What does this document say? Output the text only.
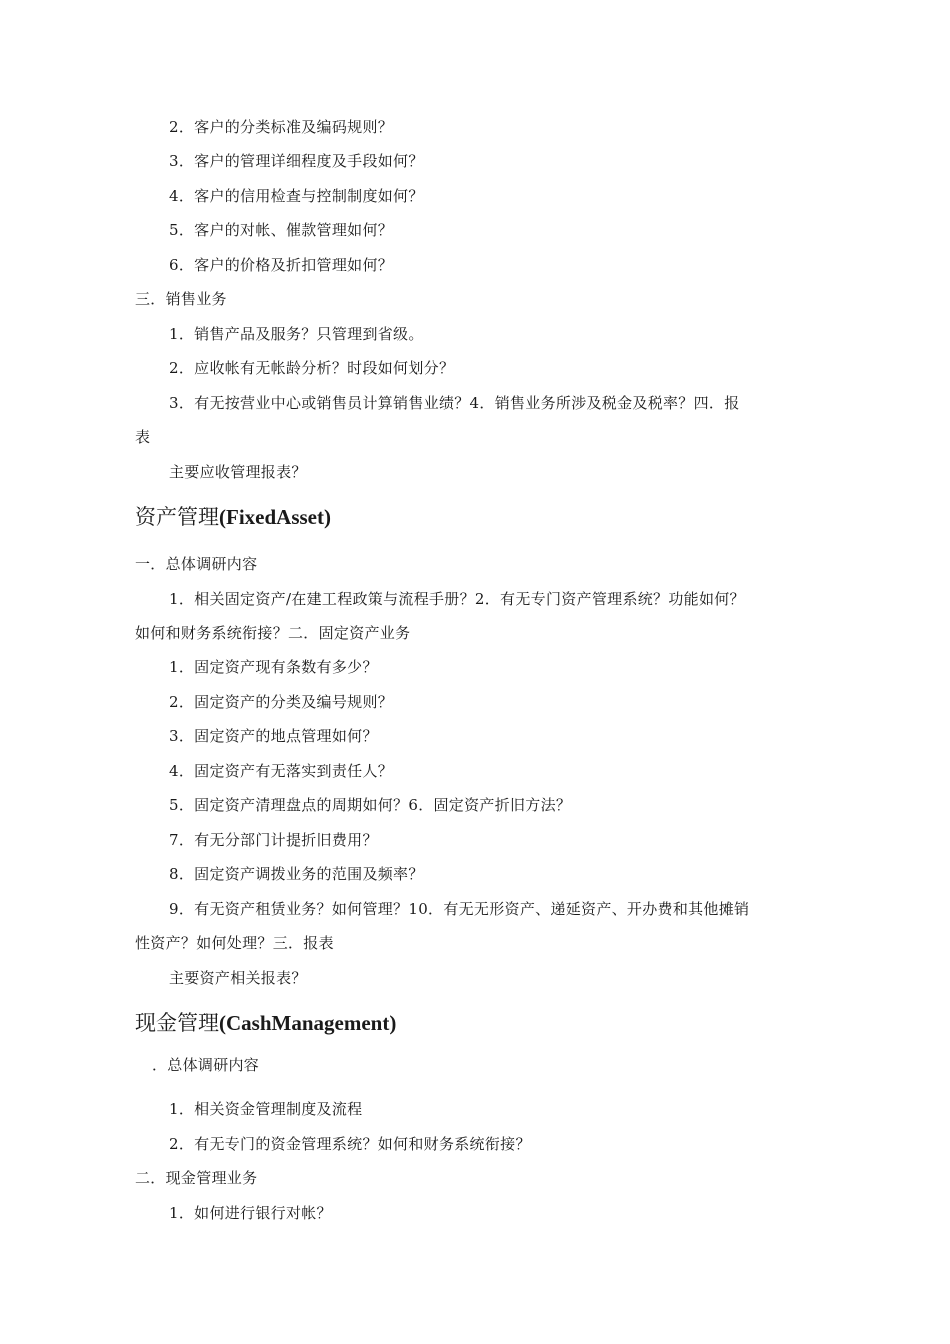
2．客户的分类标准及编码规则？
3．客户的管理详细程度及手段如何？
4．客户的信用检查与控制制度如何？
5．客户的对帐、催款管理如何？
6．客户的价格及折扣管理如何？
三．销售业务
1．销售产品及服务？只管理到省级。
2．应收帐有无帐龄分析？时段如何划分？
3．有无按营业中心或销售员计算销售业绩？4．销售业务所涉及税金及税率？四．报
表
主要应收管理报表？
资产管理(FixedAsset)
一．总体调研内容
1．相关固定资产/在建工程政策与流程手册？2．有无专门资产管理系统？功能如何？
如何和财务系统衔接？二．固定资产业务
1．固定资产现有条数有多少？
2．固定资产的分类及编号规则？
3．固定资产的地点管理如何？
4．固定资产有无落实到责任人？
5．固定资产清理盘点的周期如何？6．固定资产折旧方法？
7．有无分部门计提折旧费用？
8．固定资产调拨业务的范围及频率？
9．有无资产租赁业务？如何管理？10．有无无形资产、递延资产、开办费和其他摊销
性资产？如何处理？三．报表
主要资产相关报表？
现金管理(CashManagement)
．总体调研内容
1．相关资金管理制度及流程
2．有无专门的资金管理系统？如何和财务系统衔接？
二．现金管理业务
1．如何进行银行对帐？
